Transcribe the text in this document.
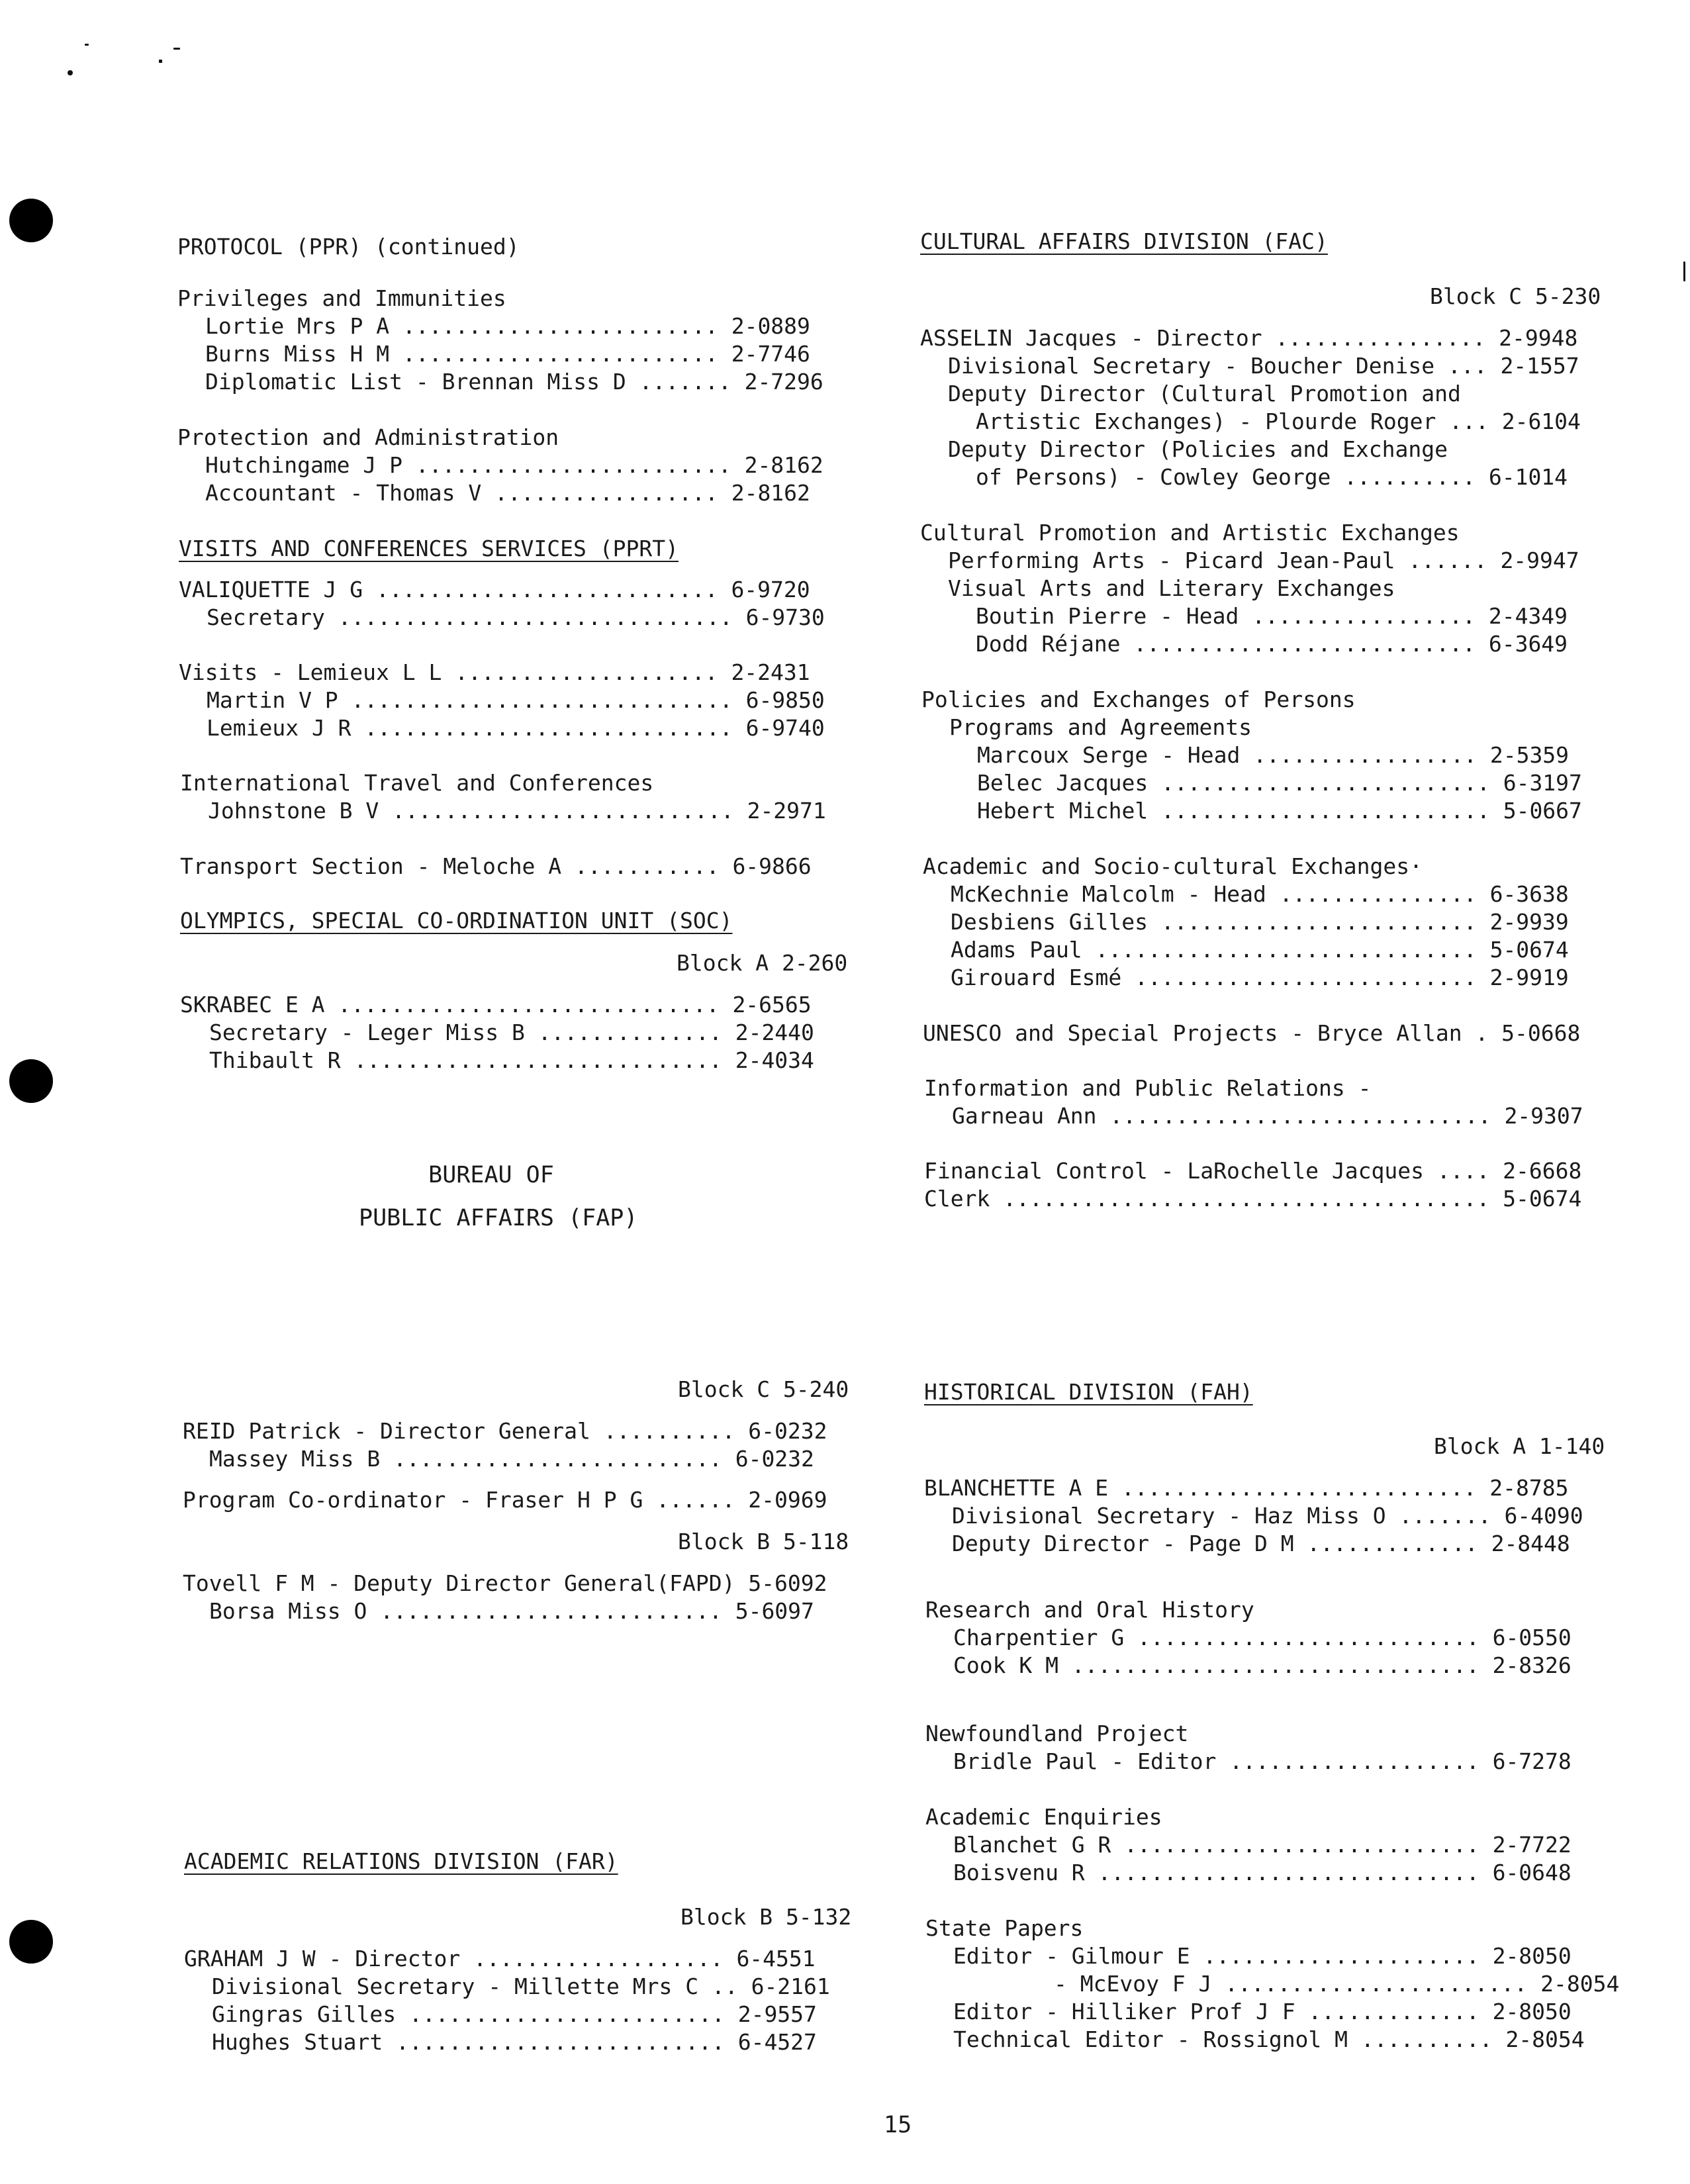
PROTOCOL (PPR) (continued)
Privileges and Immunities
Lortie Mrs P A ........................ 2-0889
Burns Miss H M ........................ 2-7746
Diplomatic List - Brennan Miss D ....... 2-7296
Protection and Administration
Hutchingame J P ........................ 2-8162
Accountant - Thomas V ................. 2-8162
VISITS AND CONFERENCES SERVICES (PPRT)
VALIQUETTE J G .......................... 6-9720
Secretary .............................. 6-9730
Visits - Lemieux L L .................... 2-2431
Martin V P ............................. 6-9850
Lemieux J R ............................ 6-9740
International Travel and Conferences
Johnstone B V .......................... 2-2971
Transport Section - Meloche A ........... 6-9866
OLYMPICS, SPECIAL CO-ORDINATION UNIT (SOC)
Block A 2-260
SKRABEC E A ............................. 2-6565
Secretary - Leger Miss B .............. 2-2440
Thibault R ............................ 2-4034
BUREAU OF
PUBLIC AFFAIRS (FAP)
Block C 5-240
REID Patrick - Director General .......... 6-0232
Massey Miss B ......................... 6-0232
Program Co-ordinator - Fraser H P G ...... 2-0969
Block B 5-118
Tovell F M - Deputy Director General(FAPD) 5-6092
Borsa Miss O .......................... 5-6097
ACADEMIC RELATIONS DIVISION (FAR)
Block B 5-132
GRAHAM J W - Director ................... 6-4551
Divisional Secretary - Millette Mrs C .. 6-2161
Gingras Gilles ........................ 2-9557
Hughes Stuart ......................... 6-4527
CULTURAL AFFAIRS DIVISION (FAC)
Block C 5-230
ASSELIN Jacques - Director ................ 2-9948
Divisional Secretary - Boucher Denise ... 2-1557
Deputy Director (Cultural Promotion and
Artistic Exchanges) - Plourde Roger ... 2-6104
Deputy Director (Policies and Exchange
of Persons) - Cowley George .......... 6-1014
Cultural Promotion and Artistic Exchanges
Performing Arts - Picard Jean-Paul ...... 2-9947
Visual Arts and Literary Exchanges
Boutin Pierre - Head ................. 2-4349
Dodd Réjane .......................... 6-3649
Policies and Exchanges of Persons
Programs and Agreements
Marcoux Serge - Head ................. 2-5359
Belec Jacques ......................... 6-3197
Hebert Michel ......................... 5-0667
Academic and Socio-cultural Exchanges·
McKechnie Malcolm - Head ............... 6-3638
Desbiens Gilles ........................ 2-9939
Adams Paul ............................. 5-0674
Girouard Esmé .......................... 2-9919
UNESCO and Special Projects - Bryce Allan . 5-0668
Information and Public Relations -
Garneau Ann ............................. 2-9307
Financial Control - LaRochelle Jacques .... 2-6668
Clerk ..................................... 5-0674
HISTORICAL DIVISION (FAH)
Block A 1-140
BLANCHETTE A E ........................... 2-8785
Divisional Secretary - Haz Miss O ....... 6-4090
Deputy Director - Page D M ............. 2-8448
Research and Oral History
Charpentier G .......................... 6-0550
Cook K M ............................... 2-8326
Newfoundland Project
Bridle Paul - Editor ................... 6-7278
Academic Enquiries
Blanchet G R ........................... 2-7722
Boisvenu R ............................. 6-0648
State Papers
Editor - Gilmour E ..................... 2-8050
- McEvoy F J ....................... 2-8054
Editor - Hilliker Prof J F ............. 2-8050
Technical Editor - Rossignol M .......... 2-8054
15
